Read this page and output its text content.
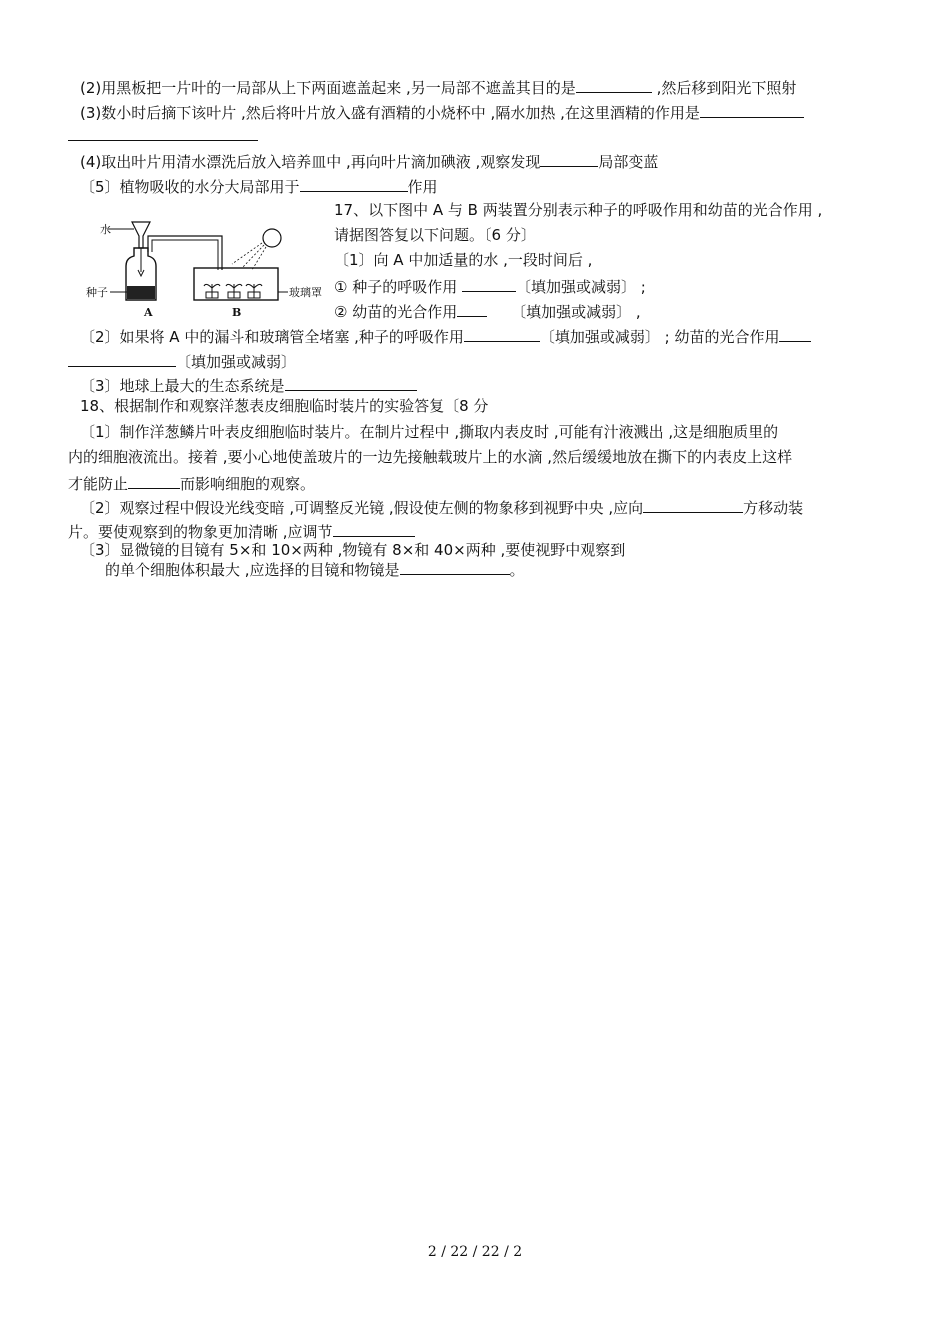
(2)用黑板把一片叶的一局部从上下两面遮盖起来 ,另一局部不遮盖其目的是	,然后移到阳光下照射
(3)数小时后摘下该叶片 ,然后将叶片放入盛有酒精的小烧杯中 ,隔水加热 ,在这里酒精的作用是
(4)取出叶片用清水漂洗后放入培养皿中 ,再向叶片滴加碘液 ,观察发现	局部变蓝
〔5〕植物吸收的水分大局部用于	作用
水
种子	玻璃罩
A	B
17、以下图中 A 与 B 两装置分别表示种子的呼吸作用和幼苗的光合作用 ,
请据图答复以下问题。〔6 分〕
〔1〕向 A 中加适量的水 ,一段时间后 ,
① 种子的呼吸作用	〔填加强或减弱〕 ;
② 幼苗的光合作用	〔填加强或减弱〕 ,
〔2〕如果将 A 中的漏斗和玻璃管全堵塞 ,种子的呼吸作用	〔填加强或减弱〕 ; 幼苗的光合作用
〔填加强或减弱〕
〔3〕地球上最大的生态系统是
18、根据制作和观察洋葱表皮细胞临时装片的实验答复〔8 分
〔1〕制作洋葱鳞片叶表皮细胞临时装片。在制片过程中 ,撕取内表皮时 ,可能有汁液溅出 ,这是细胞质里的
内的细胞液流出。接着 ,要小心地使盖玻片的一边先接触载玻片上的水滴 ,然后缓缓地放在撕下的内表皮上这样
才能防止	而影响细胞的观察。
〔2〕观察过程中假设光线变暗 ,可调整反光镜 ,假设使左侧的物象移到视野中央 ,应向	方移动装
片。要使观察到的物象更加清晰 ,应调节
〔3〕显微镜的目镜有 5×和 10×两种 ,物镜有 8×和 40×两种 ,要使视野中观察到
的单个细胞体积最大 ,应选择的目镜和物镜是	。
2 / 22 / 22 / 2
